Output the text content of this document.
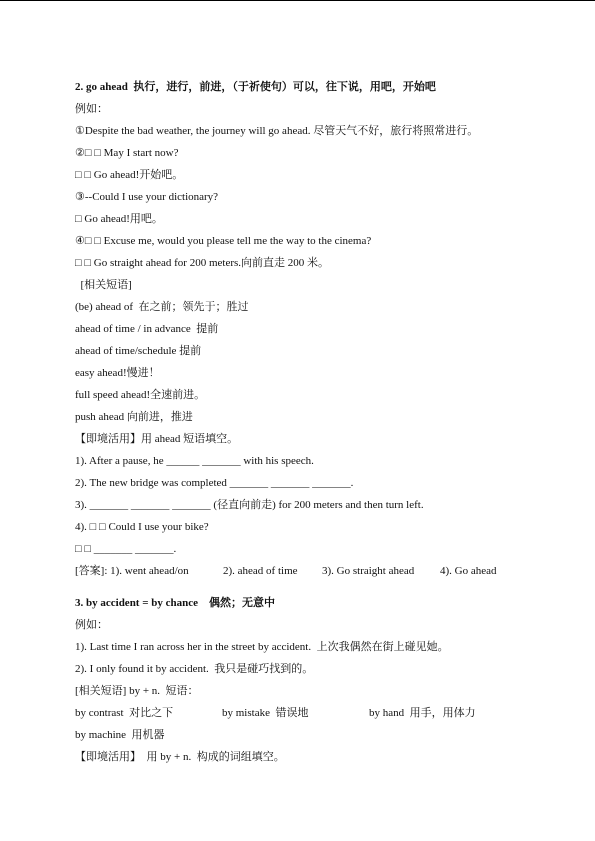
2. go ahead  执行，进行，前进，（于祈使句）可以，往下说，用吧，开始吧
例如：
①Despite the bad weather, the journey will go ahead. 尽管天气不好，旅行将照常进行。
②□ □ May I start now?
□ □ Go ahead!开始吧。
③--Could I use your dictionary?
□ Go ahead!用吧。
④□ □ Excuse me, would you please tell me the way to the cinema?
□ □ Go straight ahead for 200 meters.向前直走 200 米。
[相关短语]
(be) ahead of  在之前；领先于；胜过
ahead of time / in advance  提前
ahead of time/schedule 提前
easy ahead!慢进！
full speed ahead!全速前进。
push ahead 向前进，推进
【即境活用】用 ahead 短语填空。
1). After a pause, he ______ _______ with his speech.
2). The new bridge was completed _______ _______ _______.
3). _______ _______ _______ (径直向前走) for 200 meters and then turn left.
4). □ □ Could I use your bike?
□ □ _______ _______.
[答案]: 1). went ahead/on	2). ahead of time 3). Go straight ahead 4). Go ahead
3. by accident = by chance    偶然；无意中
例如：
1). Last time I ran across her in the street by accident.  上次我偶然在街上碰见她。
2). I only found it by accident.  我只是碰巧找到的。
[相关短语] by + n.  短语：
by contrast  对比之下	by mistake  错误地	by hand  用手，用体力
by machine  用机器
【即境活用】  用 by + n.  构成的词组填空。
